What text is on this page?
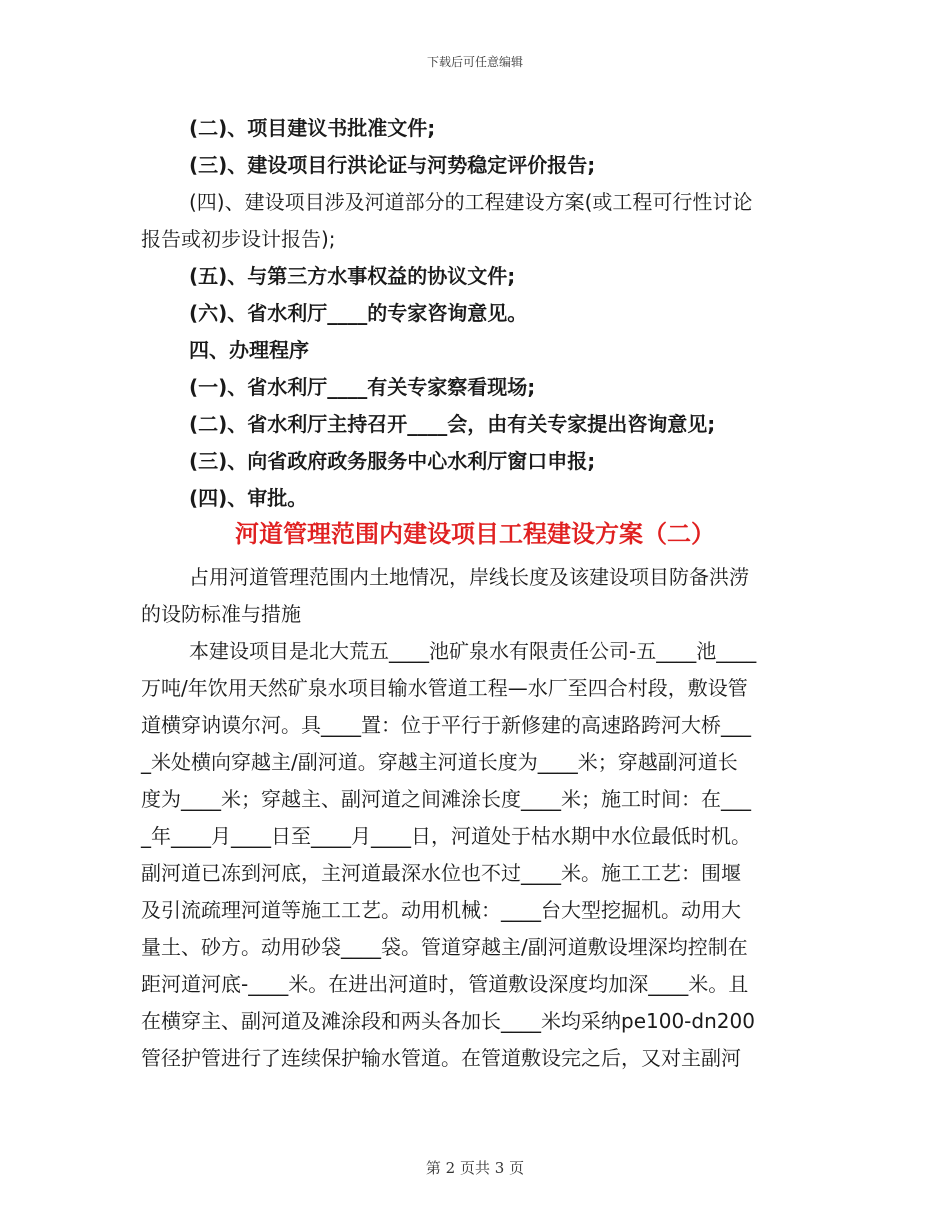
下载后可任意编辑
(二)、项目建议书批准文件;
(三)、建设项目行洪论证与河势稳定评价报告;
(四)、建设项目涉及河道部分的工程建设方案(或工程可行性讨论
报告或初步设计报告);
(五)、与第三方水事权益的协议文件;
(六)、省水利厅____的专家咨询意见。
四、办理程序
(一)、省水利厅____有关专家察看现场;
(二)、省水利厅主持召开____会，由有关专家提出咨询意见;
(三)、向省政府政务服务中心水利厅窗口申报;
(四)、审批。
河道管理范围内建设项目工程建设方案（二）
占用河道管理范围内土地情况，岸线长度及该建设项目防备洪涝
的设防标准与措施
本建设项目是北大荒五____池矿泉水有限责任公司-五____池____
万吨/年饮用天然矿泉水项目输水管道工程—水厂至四合村段，敷设管
道横穿讷谟尔河。具____置：位于平行于新修建的高速路跨河大桥___
_米处横向穿越主/副河道。穿越主河道长度为____米；穿越副河道长
度为____米；穿越主、副河道之间滩涂长度____米；施工时间：在___
_年____月____日至____月____日，河道处于枯水期中水位最低时机。
副河道已冻到河底，主河道最深水位也不过____米。施工工艺：围堰
及引流疏理河道等施工工艺。动用机械：____台大型挖掘机。动用大
量土、砂方。动用砂袋____袋。管道穿越主/副河道敷设埋深均控制在
距河道河底-____米。在进出河道时，管道敷设深度均加深____米。且
在横穿主、副河道及滩涂段和两头各加长____米均采纳pe100-dn200
管径护管进行了连续保护输水管道。在管道敷设完之后，又对主副河
第 2 页共 3 页
